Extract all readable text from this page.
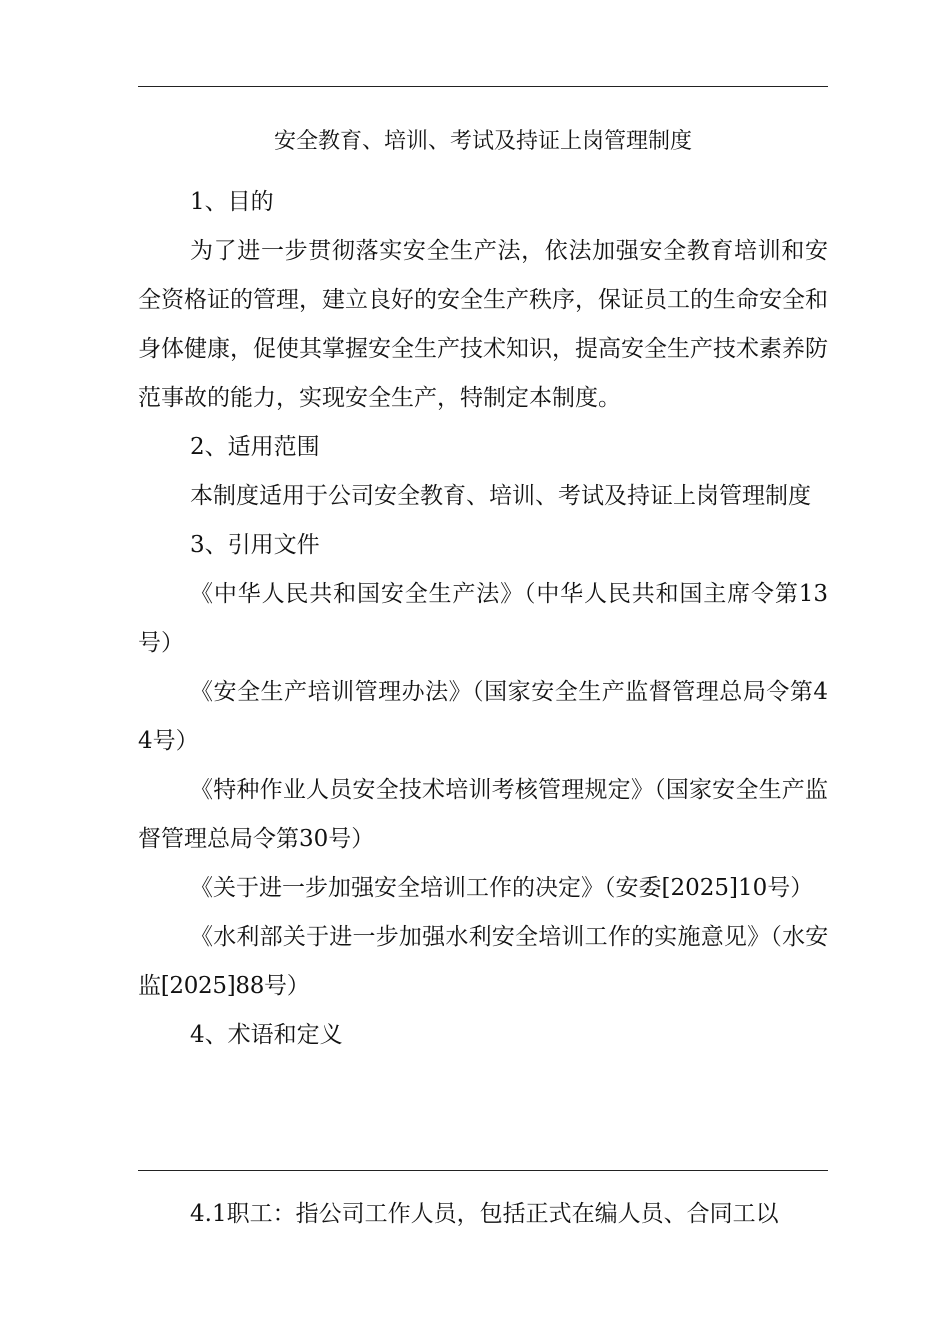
安全教育、培训、考试及持证上岗管理制度

1、目的

为了进一步贯彻落实安全生产法，依法加强安全教育培训和安全资格证的管理，建立良好的安全生产秩序，保证员工的生命安全和身体健康，促使其掌握安全生产技术知识，提高安全生产技术素养防范事故的能力，实现安全生产，特制定本制度。

2、适用范围

本制度适用于公司安全教育、培训、考试及持证上岗管理制度

3、引用文件

《中华人民共和国安全生产法》（中华人民共和国主席令第13号）

《安全生产培训管理办法》（国家安全生产监督管理总局令第44号）

《特种作业人员安全技术培训考核管理规定》（国家安全生产监督管理总局令第30号）

《关于进一步加强安全培训工作的决定》（安委[2025]10号）

《水利部关于进一步加强水利安全培训工作的实施意见》（水安监[2025]88号）

4、术语和定义

4.1职工：指公司工作人员，包括正式在编人员、合同工以
